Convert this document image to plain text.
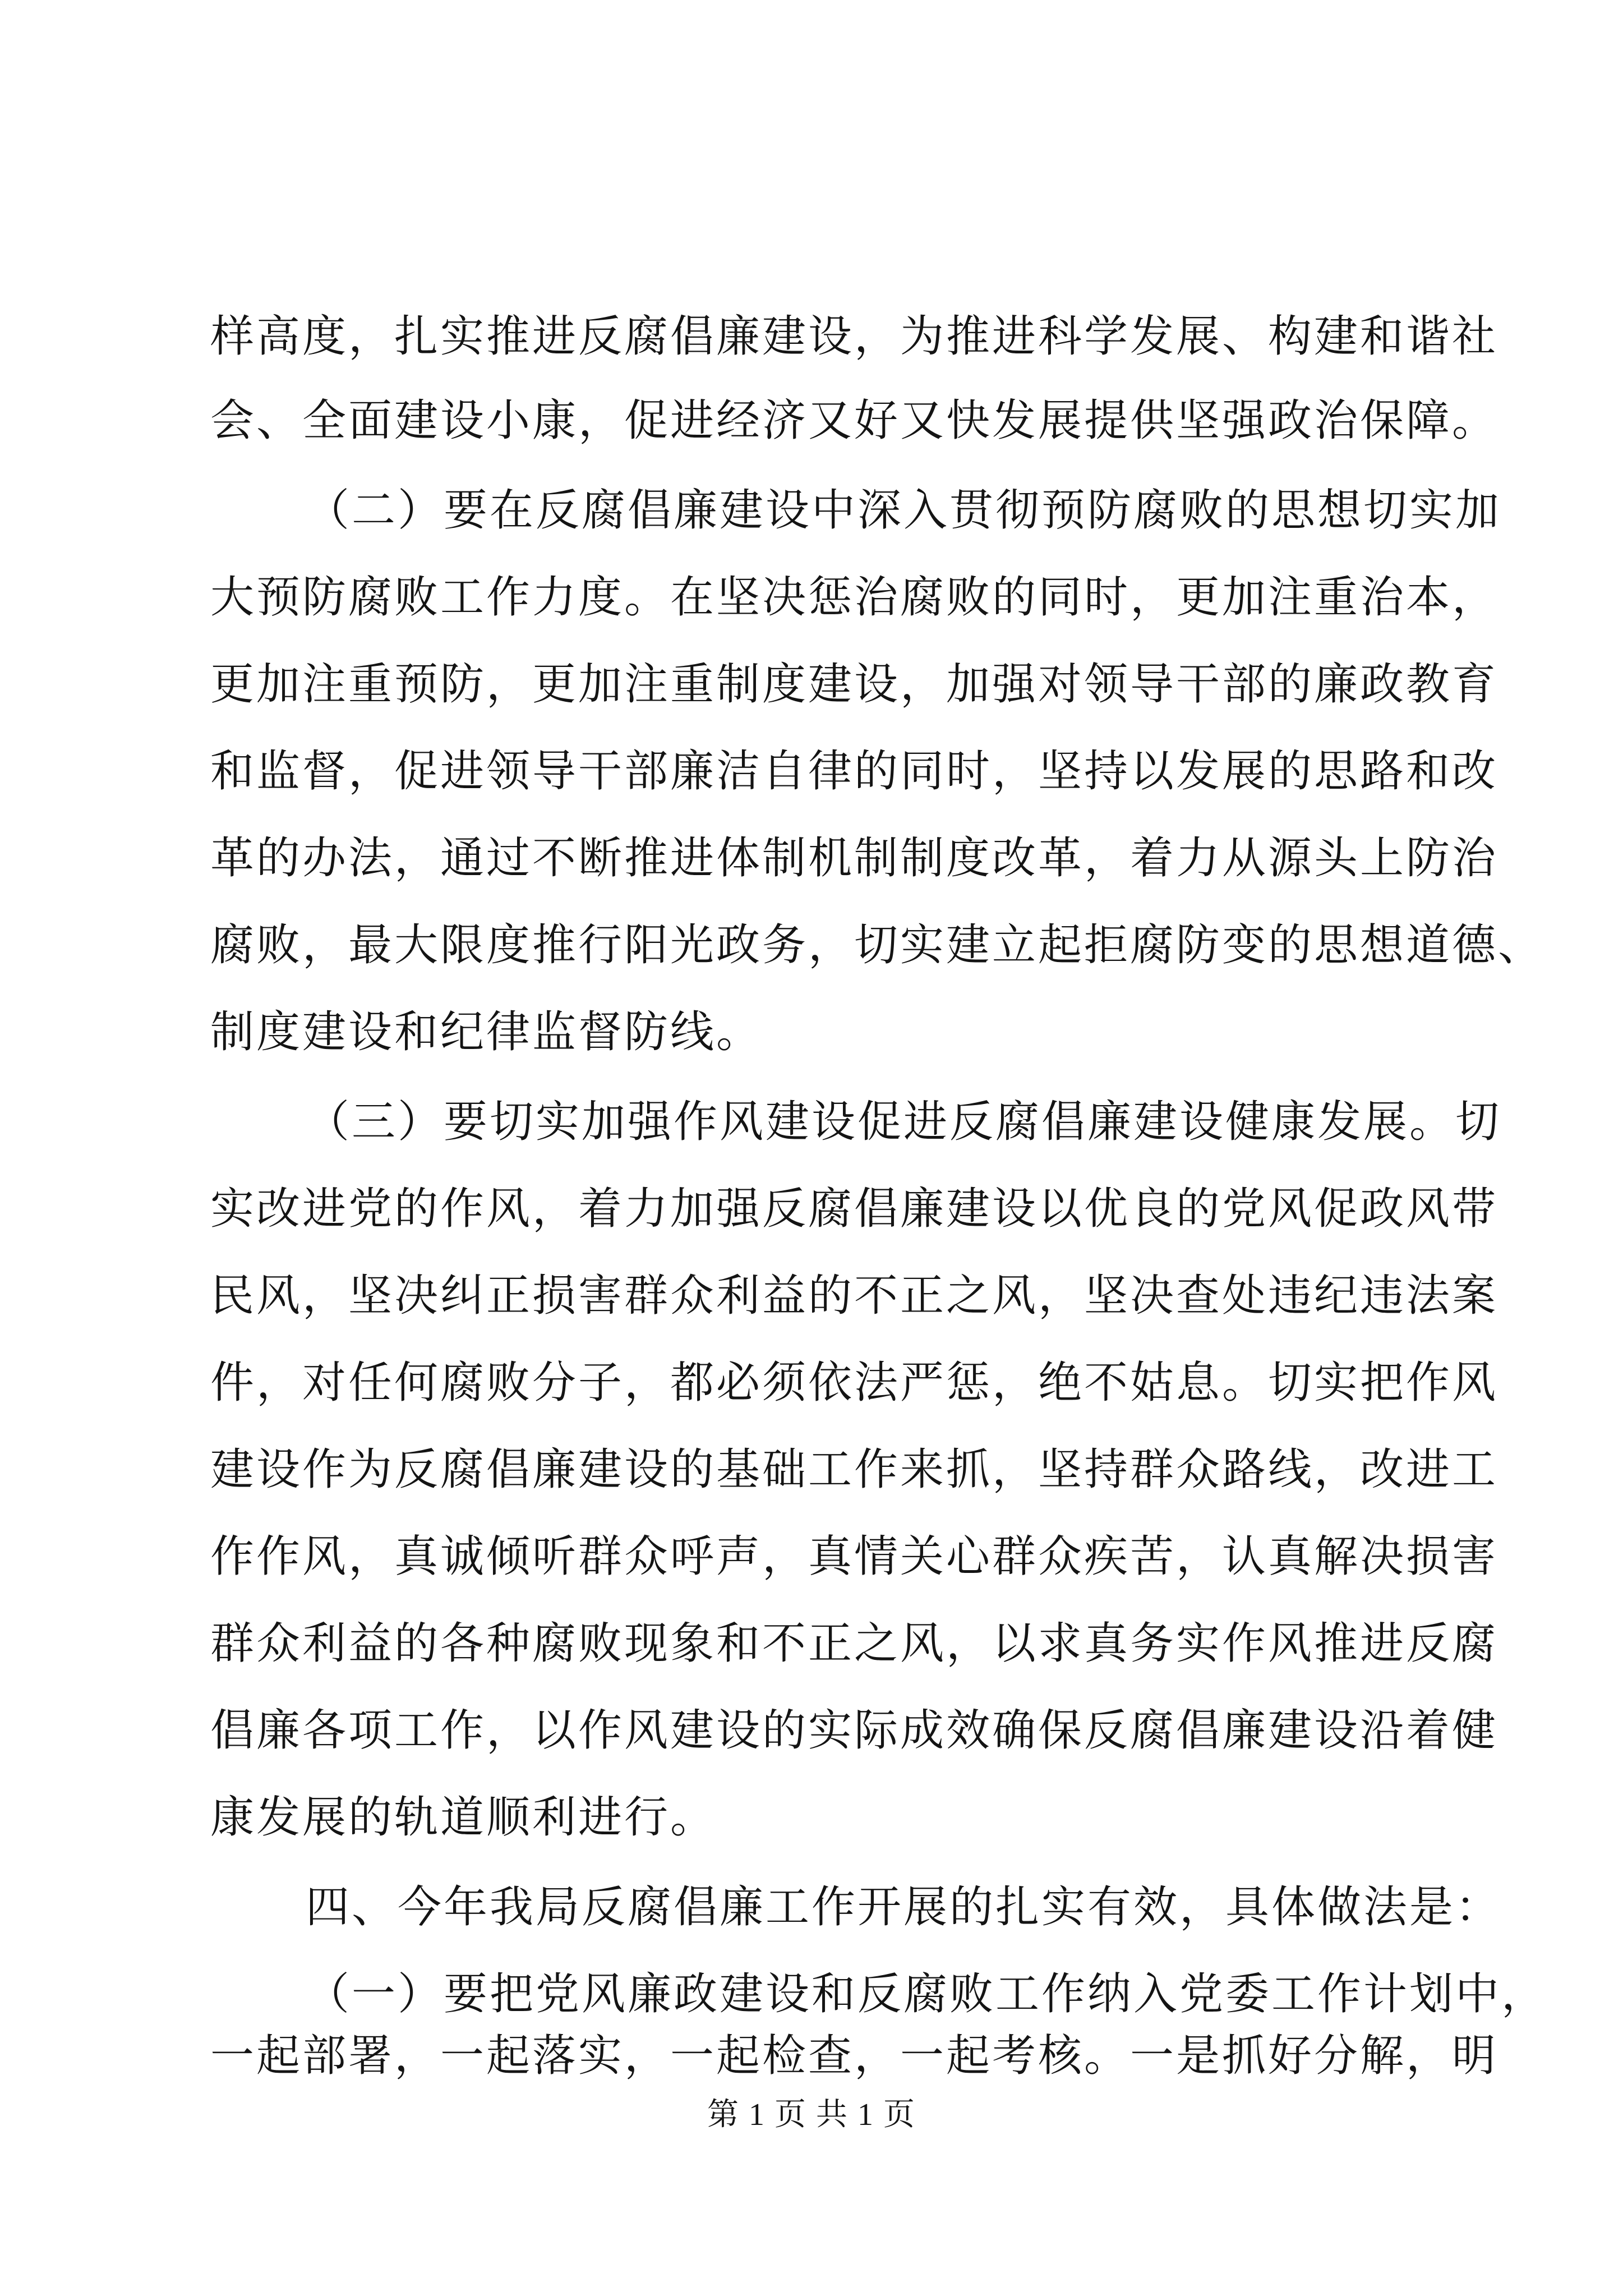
样高度，扎实推进反腐倡廉建设，为推进科学发展、构建和谐社
会、全面建设小康，促进经济又好又快发展提供坚强政治保障。
（二）要在反腐倡廉建设中深入贯彻预防腐败的思想切实加
大预防腐败工作力度。在坚决惩治腐败的同时，更加注重治本，
更加注重预防，更加注重制度建设，加强对领导干部的廉政教育
和监督，促进领导干部廉洁自律的同时，坚持以发展的思路和改
革的办法，通过不断推进体制机制制度改革，着力从源头上防治
腐败，最大限度推行阳光政务，切实建立起拒腐防变的思想道德、
制度建设和纪律监督防线。
（三）要切实加强作风建设促进反腐倡廉建设健康发展。切
实改进党的作风，着力加强反腐倡廉建设以优良的党风促政风带
民风，坚决纠正损害群众利益的不正之风，坚决查处违纪违法案
件，对任何腐败分子，都必须依法严惩，绝不姑息。切实把作风
建设作为反腐倡廉建设的基础工作来抓，坚持群众路线，改进工
作作风，真诚倾听群众呼声，真情关心群众疾苦，认真解决损害
群众利益的各种腐败现象和不正之风，以求真务实作风推进反腐
倡廉各项工作，以作风建设的实际成效确保反腐倡廉建设沿着健
康发展的轨道顺利进行。
四、今年我局反腐倡廉工作开展的扎实有效，具体做法是：
（一）要把党风廉政建设和反腐败工作纳入党委工作计划中，
一起部署，一起落实，一起检查，一起考核。一是抓好分解，明
第 1 页 共 1 页
